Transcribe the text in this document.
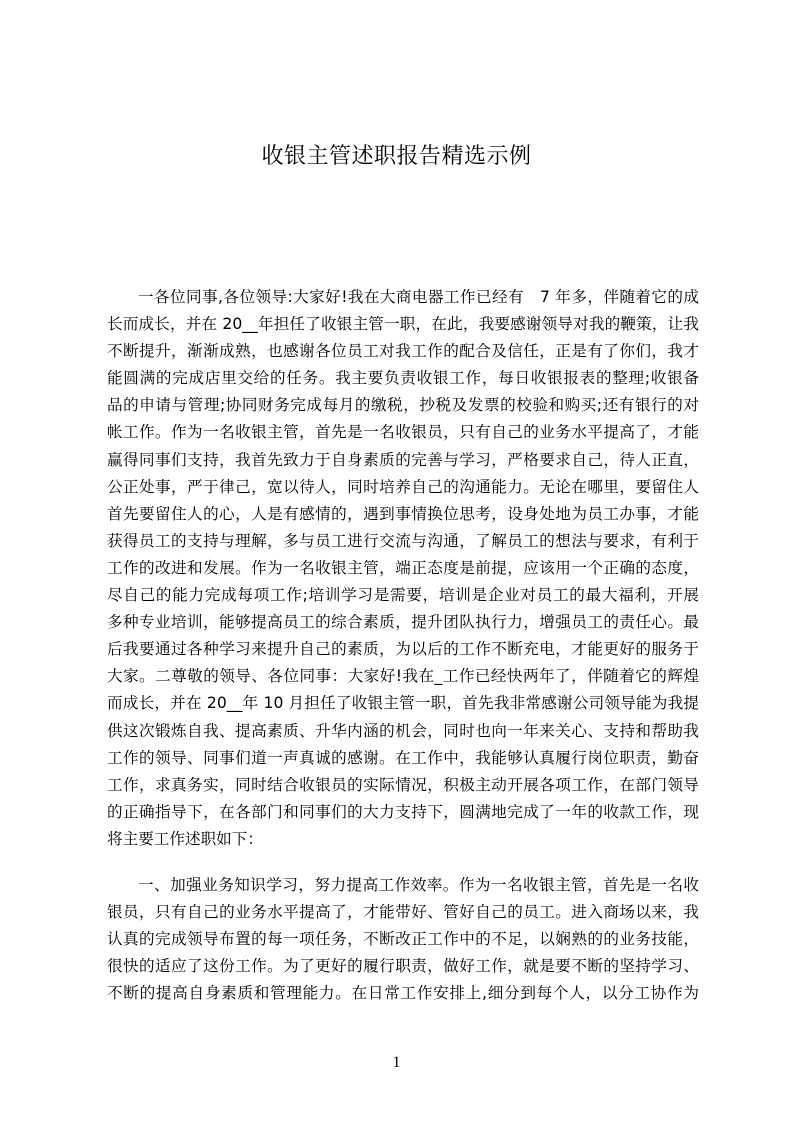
收银主管述职报告精选示例

一各位同事,各位领导:大家好!我在大商电器工作已经有　7 年多，伴随着它的成
长而成长，并在 20__年担任了收银主管一职，在此，我要感谢领导对我的鞭策，让我
不断提升，渐渐成熟，也感谢各位员工对我工作的配合及信任，正是有了你们，我才
能圆满的完成店里交给的任务。我主要负责收银工作，每日收银报表的整理;收银备
品的申请与管理;协同财务完成每月的缴税，抄税及发票的校验和购买;还有银行的对
帐工作。作为一名收银主管，首先是一名收银员，只有自己的业务水平提高了，才能
赢得同事们支持，我首先致力于自身素质的完善与学习，严格要求自己，待人正直，
公正处事，严于律己，宽以待人，同时培养自己的沟通能力。无论在哪里，要留住人
首先要留住人的心，人是有感情的，遇到事情换位思考，设身处地为员工办事，才能
获得员工的支持与理解，多与员工进行交流与沟通，了解员工的想法与要求，有利于
工作的改进和发展。作为一名收银主管，端正态度是前提，应该用一个正确的态度，
尽自己的能力完成每项工作;培训学习是需要，培训是企业对员工的最大福利，开展
多种专业培训，能够提高员工的综合素质，提升团队执行力，增强员工的责任心。最
后我要通过各种学习来提升自己的素质，为以后的工作不断充电，才能更好的服务于
大家。二尊敬的领导、各位同事：大家好!我在_工作已经快两年了，伴随着它的辉煌
而成长，并在 20__年 10 月担任了收银主管一职，首先我非常感谢公司领导能为我提
供这次锻炼自我、提高素质、升华内涵的机会，同时也向一年来关心、支持和帮助我
工作的领导、同事们道一声真诚的感谢。在工作中，我能够认真履行岗位职责，勤奋
工作，求真务实，同时结合收银员的实际情况，积极主动开展各项工作，在部门领导
的正确指导下，在各部门和同事们的大力支持下，圆满地完成了一年的收款工作，现
将主要工作述职如下：

一、加强业务知识学习，努力提高工作效率。作为一名收银主管，首先是一名收
银员，只有自己的业务水平提高了，才能带好、管好自己的员工。进入商场以来，我
认真的完成领导布置的每一项任务，不断改正工作中的不足，以娴熟的的业务技能，
很快的适应了这份工作。为了更好的履行职责，做好工作，就是要不断的坚持学习、
不断的提高自身素质和管理能力。在日常工作安排上,细分到每个人，以分工协作为

1
